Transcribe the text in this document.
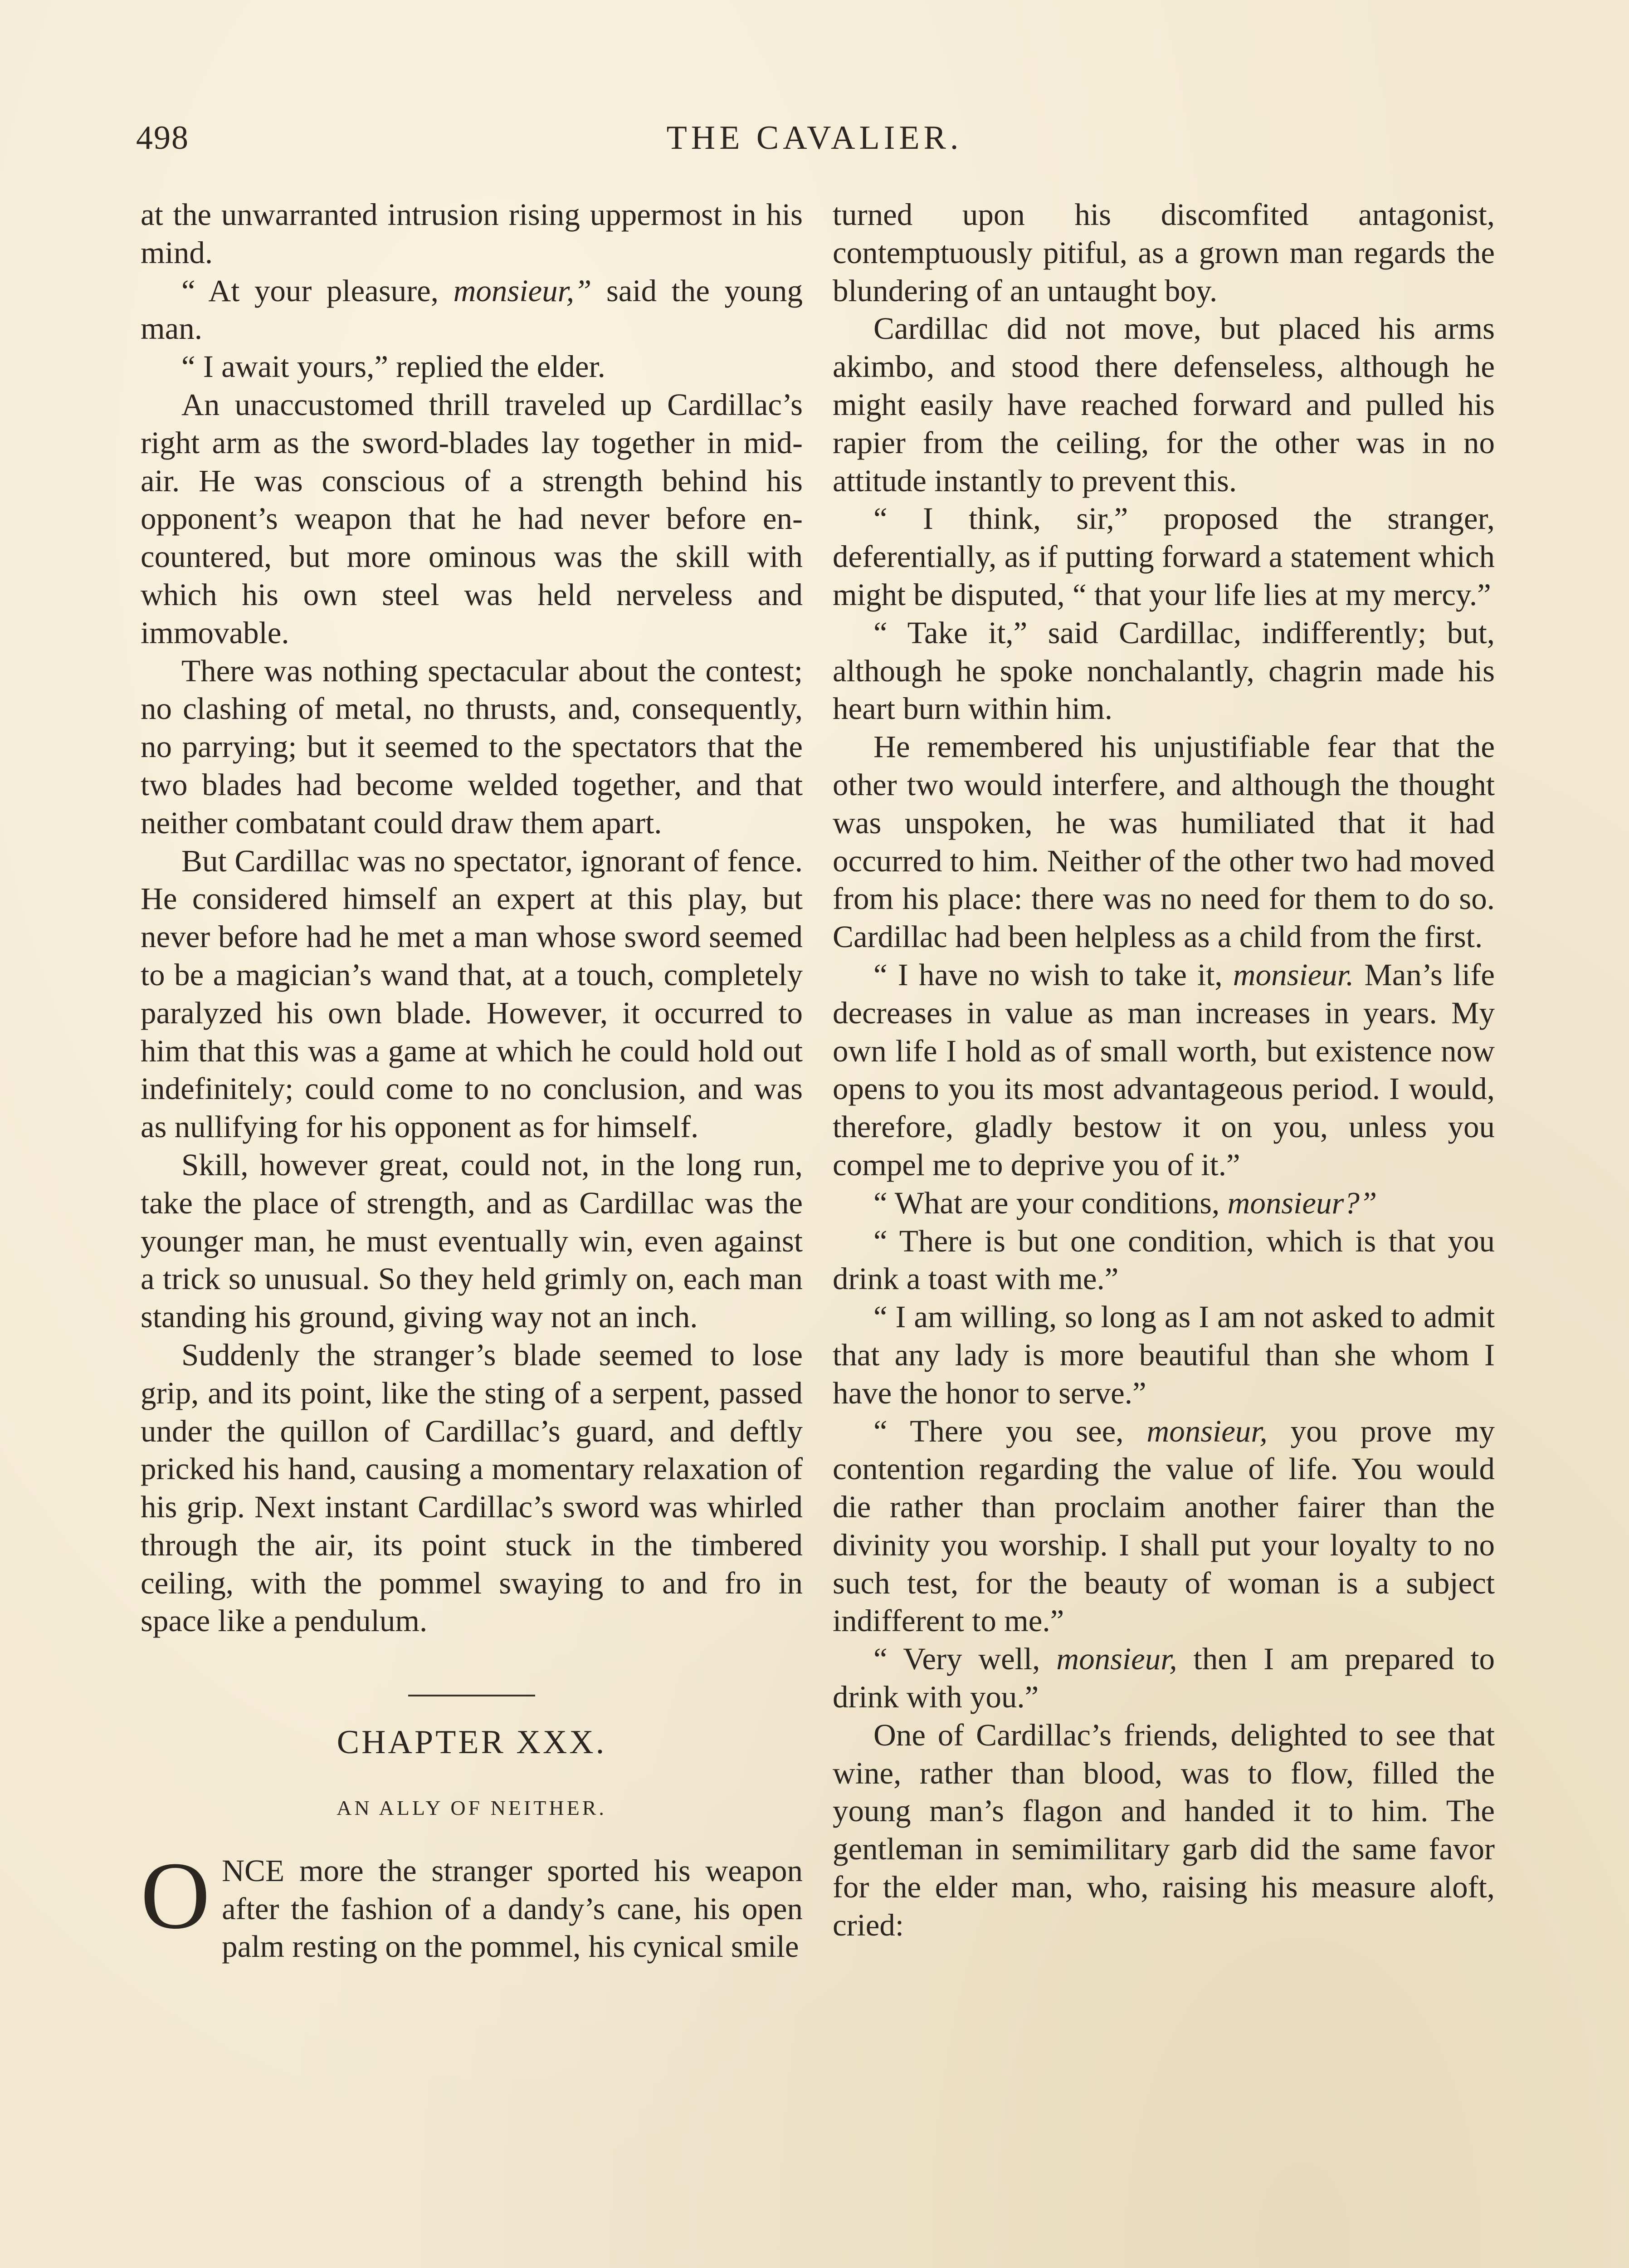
498	THE CAVALIER.

at the unwarranted intrusion rising uppermost in his mind.

“ At your pleasure, monsieur,” said the young man.

“ I await yours,” replied the elder.

An unaccustomed thrill traveled up Cardillac’s right arm as the sword-blades lay together in mid-air. He was conscious of a strength behind his opponent’s weapon that he had never before encountered, but more ominous was the skill with which his own steel was held nerveless and immovable.

There was nothing spectacular about the contest; no clashing of metal, no thrusts, and, consequently, no parrying; but it seemed to the spectators that the two blades had become welded together, and that neither combatant could draw them apart.

But Cardillac was no spectator, ignorant of fence. He considered himself an expert at this play, but never before had he met a man whose sword seemed to be a magician’s wand that, at a touch, completely paralyzed his own blade. However, it occurred to him that this was a game at which he could hold out indefinitely; could come to no conclusion, and was as nullifying for his opponent as for himself.

Skill, however great, could not, in the long run, take the place of strength, and as Cardillac was the younger man, he must eventually win, even against a trick so unusual. So they held grimly on, each man standing his ground, giving way not an inch.

Suddenly the stranger’s blade seemed to lose grip, and its point, like the sting of a serpent, passed under the quillon of Cardillac’s guard, and deftly pricked his hand, causing a momentary relaxation of his grip. Next instant Cardillac’s sword was whirled through the air, its point stuck in the timbered ceiling, with the pommel swaying to and fro in space like a pendulum.

CHAPTER XXX.
AN ALLY OF NEITHER.

ONCE more the stranger sported his weapon after the fashion of a dandy’s cane, his open palm resting on the pommel, his cynical smile

turned upon his discomfited antagonist, contemptuously pitiful, as a grown man regards the blundering of an untaught boy.

Cardillac did not move, but placed his arms akimbo, and stood there defenseless, although he might easily have reached forward and pulled his rapier from the ceiling, for the other was in no attitude instantly to prevent this.

“ I think, sir,” proposed the stranger, deferentially, as if putting forward a statement which might be disputed, “ that your life lies at my mercy.”

“ Take it,” said Cardillac, indifferently; but, although he spoke nonchalantly, chagrin made his heart burn within him.

He remembered his unjustifiable fear that the other two would interfere, and although the thought was unspoken, he was humiliated that it had occurred to him. Neither of the other two had moved from his place: there was no need for them to do so. Cardillac had been helpless as a child from the first.

“ I have no wish to take it, monsieur. Man’s life decreases in value as man increases in years. My own life I hold as of small worth, but existence now opens to you its most advantageous period. I would, therefore, gladly bestow it on you, unless you compel me to deprive you of it.”

“ What are your conditions, monsieur?”

“ There is but one condition, which is that you drink a toast with me.”

“ I am willing, so long as I am not asked to admit that any lady is more beautiful than she whom I have the honor to serve.”

“ There you see, monsieur, you prove my contention regarding the value of life. You would die rather than proclaim another fairer than the divinity you worship. I shall put your loyalty to no such test, for the beauty of woman is a subject indifferent to me.”

“ Very well, monsieur, then I am prepared to drink with you.”

One of Cardillac’s friends, delighted to see that wine, rather than blood, was to flow, filled the young man’s flagon and handed it to him. The gentleman in semimilitary garb did the same favor for the elder man, who, raising his measure aloft, cried:
